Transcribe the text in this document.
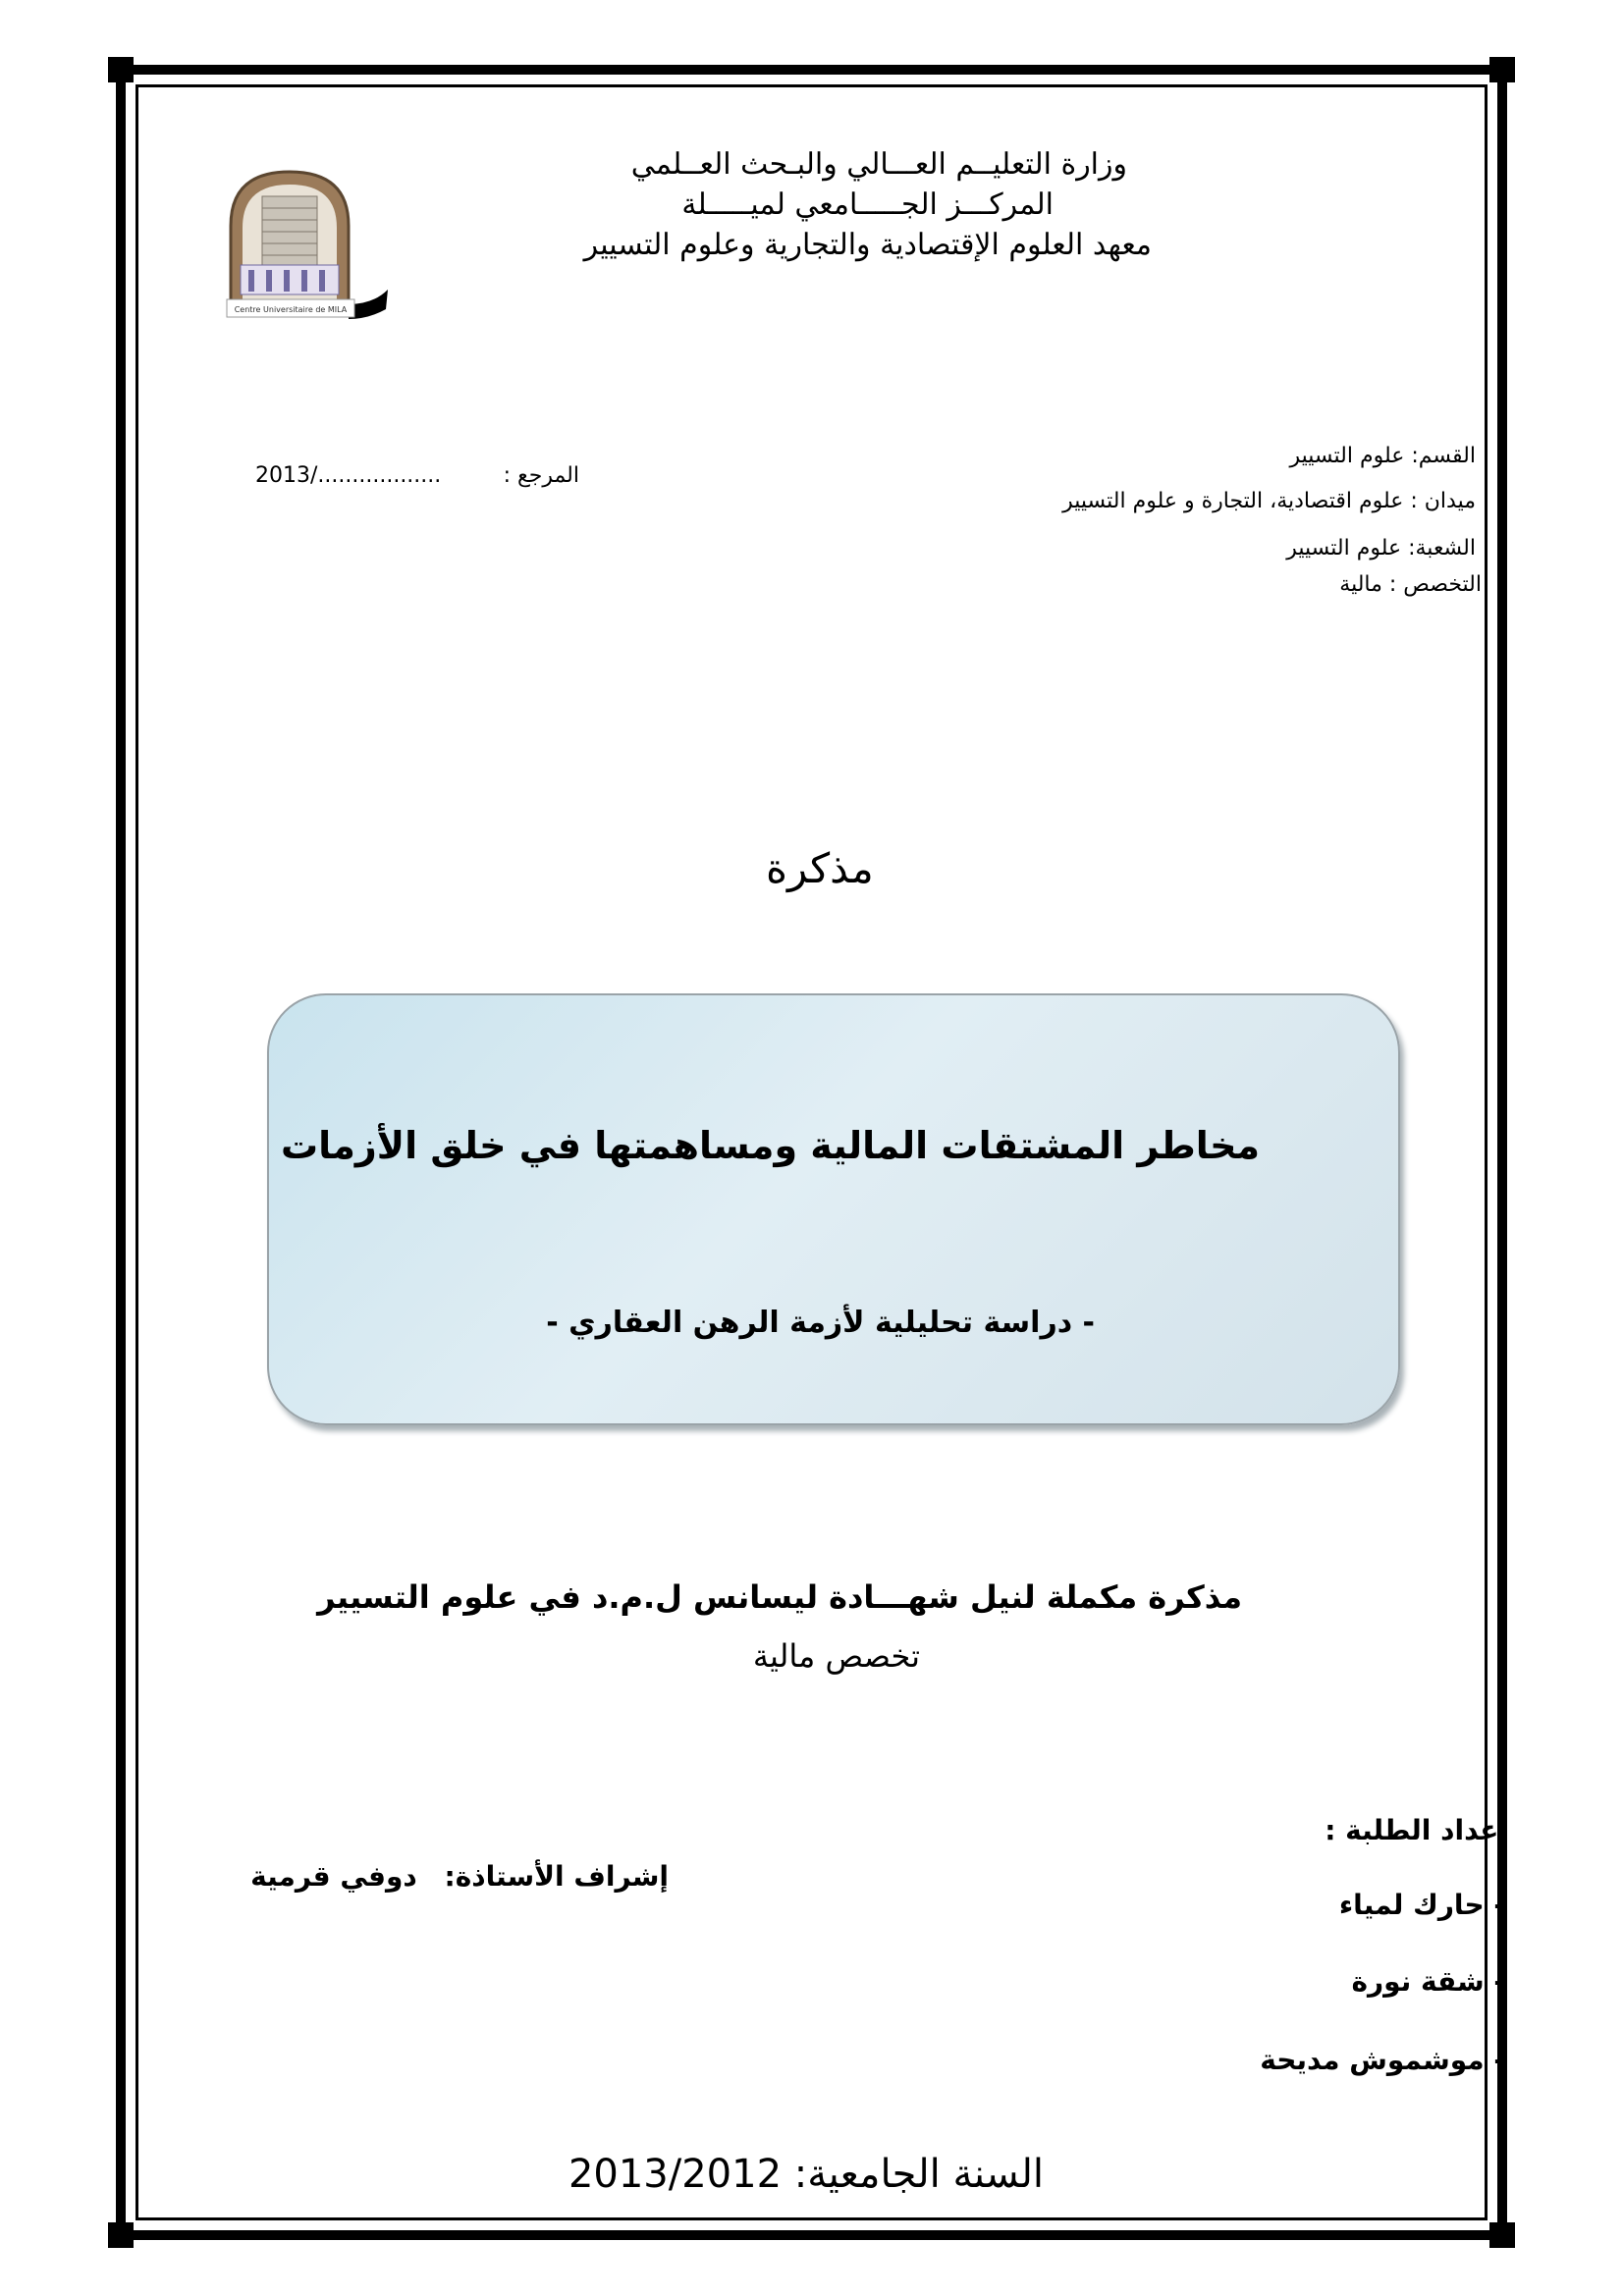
وزارة التعليــم العـــالي والبـحث العــلمي
المركـــز الجـــــامعي لميـــــلة
معهد العلوم الإقتصادية والتجارية وعلوم التسيير
Centre Universitaire de MILA
القسم: علوم التسيير
ميدان : علوم اقتصادية، التجارة و علوم التسيير
الشعبة: علوم التسيير
التخصص : مالية
المرجع :
2013/..................
مذكرة
مخاطر المشتقات المالية ومساهمتها في خلق الأزمات
- دراسة تحليلية لأزمة الرهن العقاري -
مذكرة مكملة لنيل شهـــادة ليسانس ل.م.د في علوم التسيير
تخصص مالية
إعداد الطلبة :
- حارك لمياء
- شقة نورة
- موشموش مديحة
إشراف الأستاذة: دوفي قرمية
السنة الجامعية: 2013/2012
